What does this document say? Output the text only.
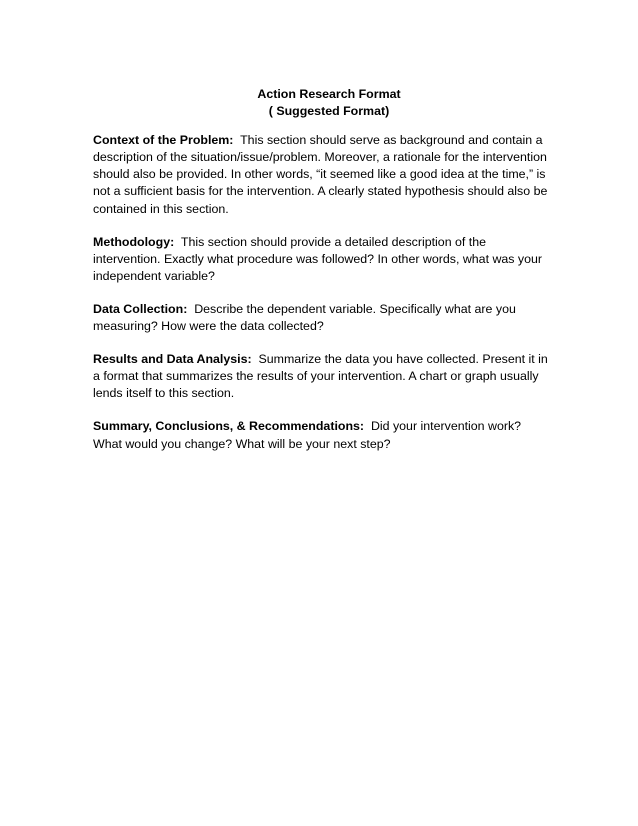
Action Research Format
( Suggested Format)

Context of the Problem: This section should serve as background and contain a description of the situation/issue/problem. Moreover, a rationale for the intervention should also be provided. In other words, “it seemed like a good idea at the time,” is not a sufficient basis for the intervention. A clearly stated hypothesis should also be contained in this section.

Methodology: This section should provide a detailed description of the intervention. Exactly what procedure was followed? In other words, what was your independent variable?

Data Collection: Describe the dependent variable. Specifically what are you measuring? How were the data collected?

Results and Data Analysis: Summarize the data you have collected. Present it in a format that summarizes the results of your intervention. A chart or graph usually lends itself to this section.

Summary, Conclusions, & Recommendations: Did your intervention work? What would you change? What will be your next step?
